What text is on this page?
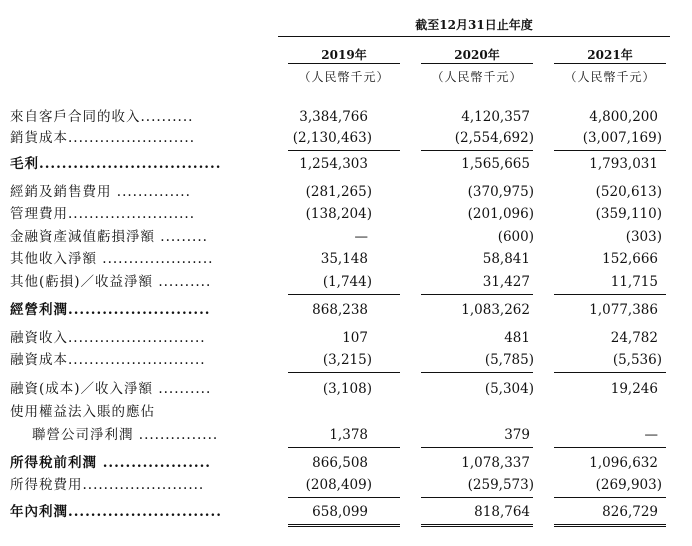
截至12月31日止年度
2019年	2020年	2021年
（人民幣千元）	（人民幣千元）	（人民幣千元）
來自客戶合同的收入..........	3,384,766	4,120,357	4,800,200
銷貨成本........................	(2,130,463)	(2,554,692)	(3,007,169)
毛利................................	1,254,303	1,565,665	1,793,031
經銷及銷售費用 ..............	(281,265)	(370,975)	(520,613)
管理費用........................	(138,204)	(201,096)	(359,110)
金融資產減值虧損淨額 .........	—	(600)	(303)
其他收入淨額 .....................	35,148	58,841	152,666
其他(虧損)／收益淨額 ..........	(1,744)	31,427	11,715
經營利潤.........................	868,238	1,083,262	1,077,386
融資收入..........................	107	481	24,782
融資成本..........................	(3,215)	(5,785)	(5,536)
融資(成本)／收入淨額 ..........	(3,108)	(5,304)	19,246
使用權益法入賬的應佔
聯營公司淨利潤 ...............	1,378	379	—
所得稅前利潤 ...................	866,508	1,078,337	1,096,632
所得稅費用.......................	(208,409)	(259,573)	(269,903)
年內利潤...........................	658,099	818,764	826,729
